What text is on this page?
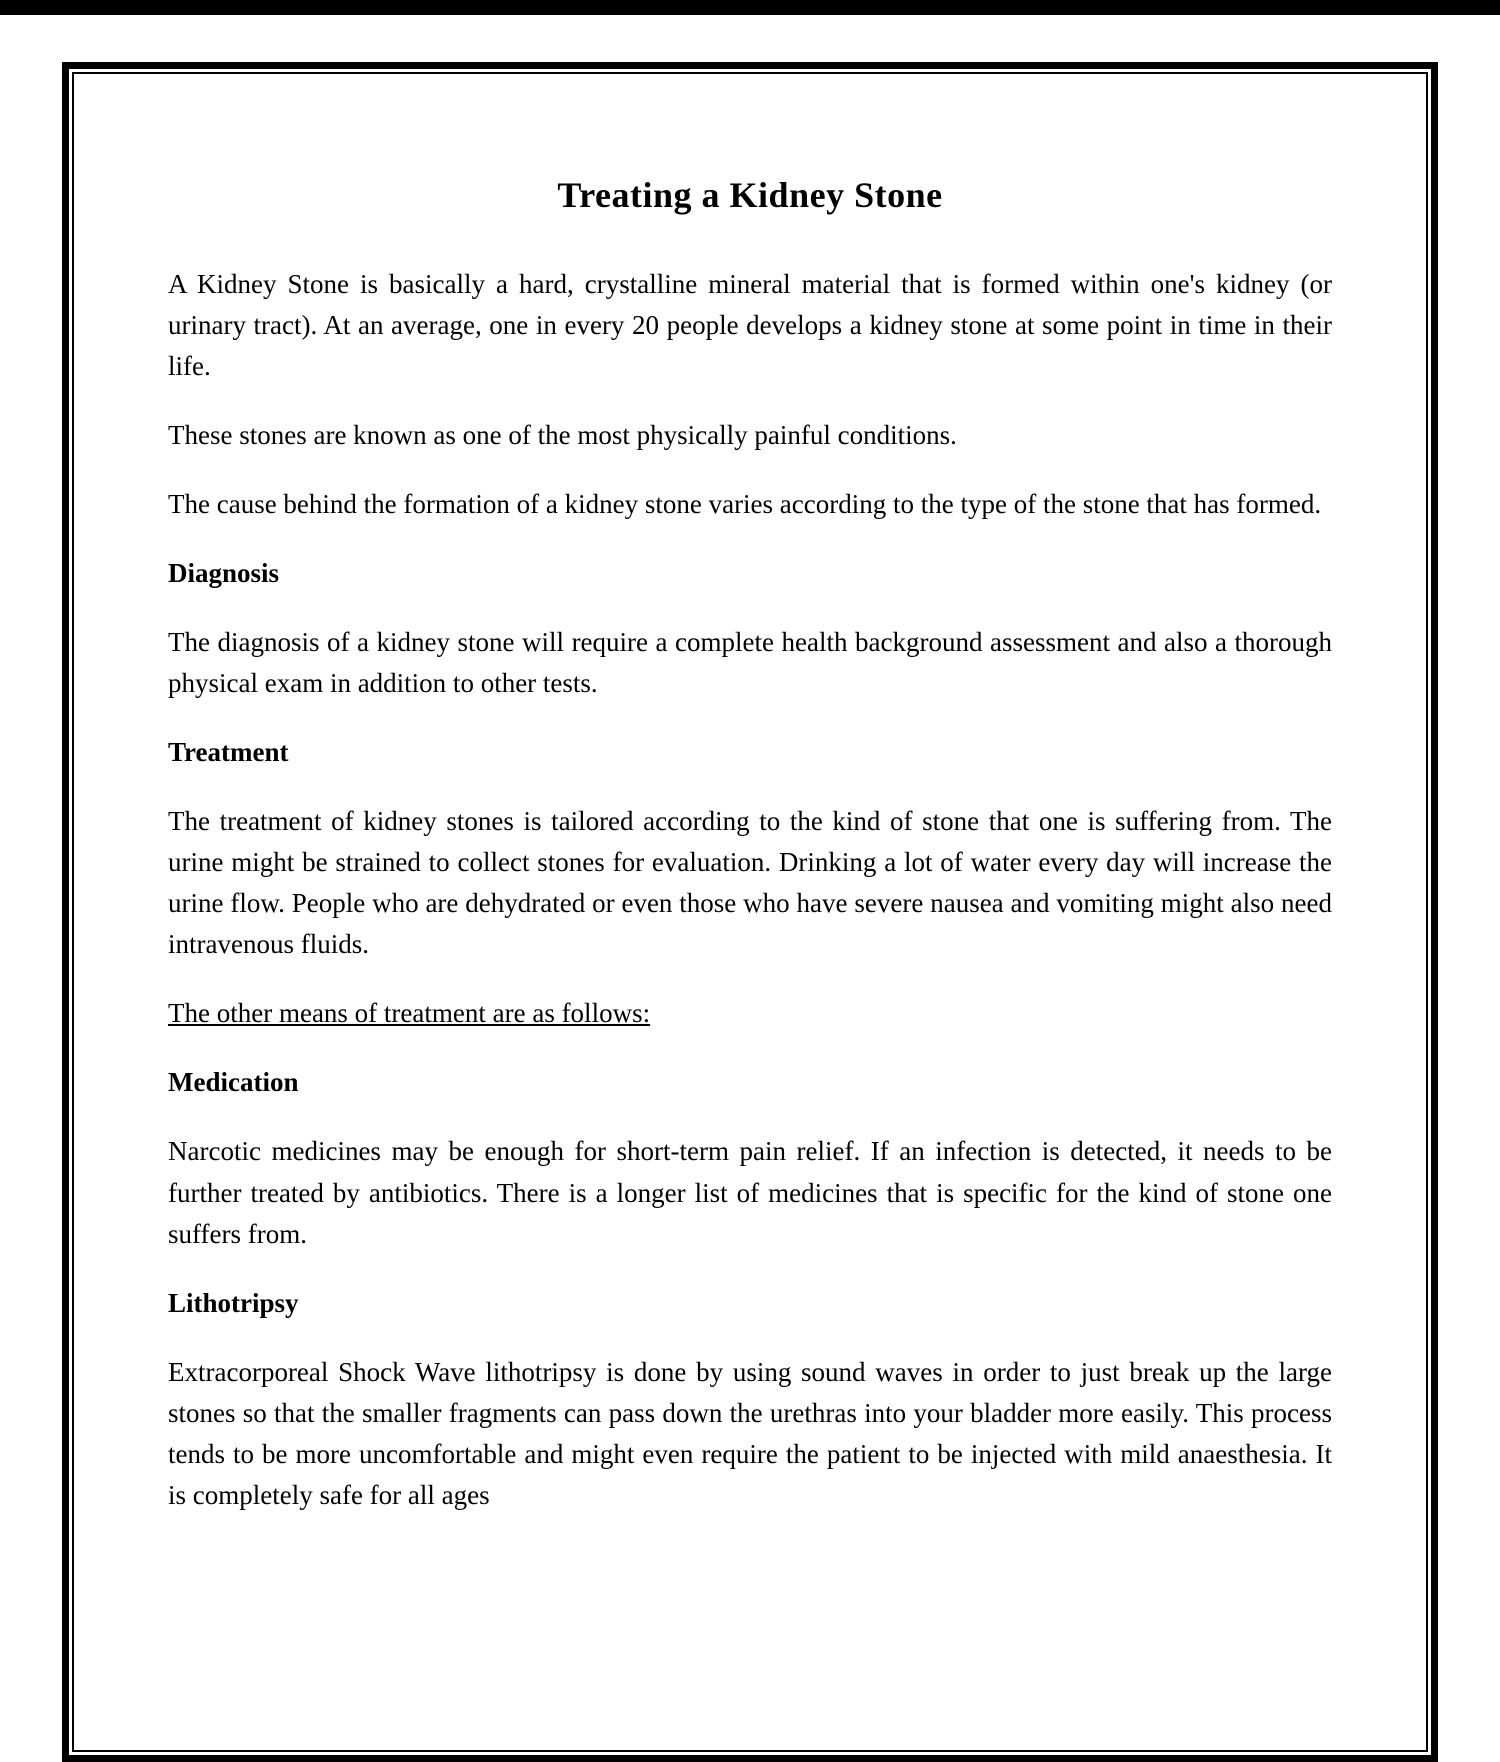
Treating a Kidney Stone

A Kidney Stone is basically a hard, crystalline mineral material that is formed within one's kidney (or urinary tract). At an average, one in every 20 people develops a kidney stone at some point in time in their life.

These stones are known as one of the most physically painful conditions.

The cause behind the formation of a kidney stone varies according to the type of the stone that has formed.

Diagnosis

The diagnosis of a kidney stone will require a complete health background assessment and also a thorough physical exam in addition to other tests.

Treatment

The treatment of kidney stones is tailored according to the kind of stone that one is suffering from. The urine might be strained to collect stones for evaluation. Drinking a lot of water every day will increase the urine flow. People who are dehydrated or even those who have severe nausea and vomiting might also need intravenous fluids.

The other means of treatment are as follows:

Medication

Narcotic medicines may be enough for short-term pain relief. If an infection is detected, it needs to be further treated by antibiotics. There is a longer list of medicines that is specific for the kind of stone one suffers from.

Lithotripsy

Extracorporeal Shock Wave lithotripsy is done by using sound waves in order to just break up the large stones so that the smaller fragments can pass down the urethras into your bladder more easily. This process tends to be more uncomfortable and might even require the patient to be injected with mild anaesthesia. It is completely safe for all ages
